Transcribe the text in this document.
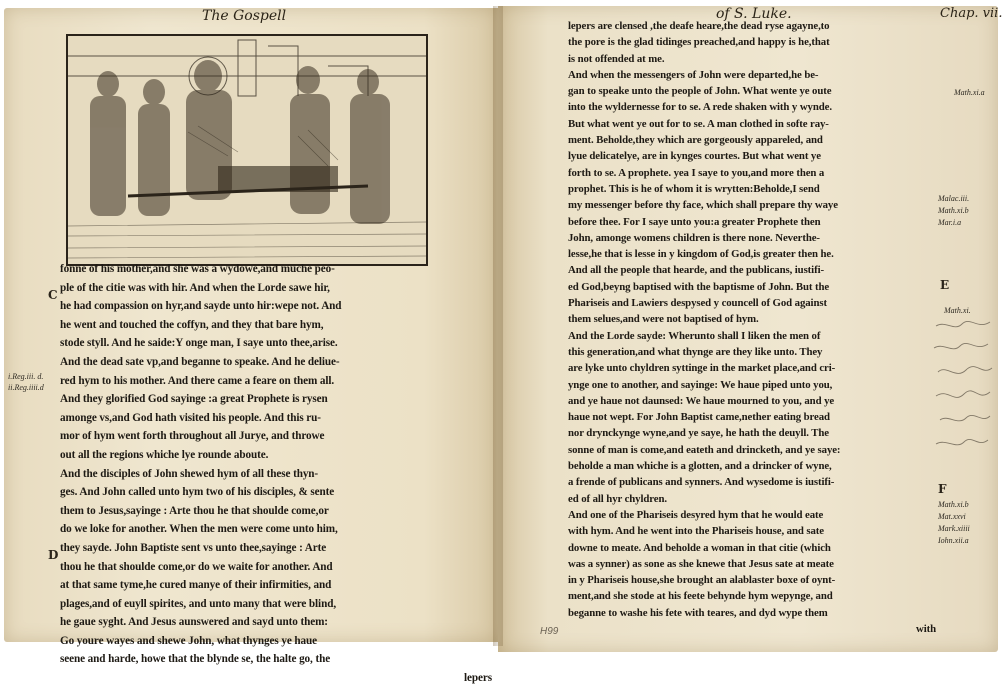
The Gospell
fonne of his mother,and she was a wydowe,and muche peo-
ple of the citie was with hir. And when the Lorde sawe hir,
he had compassion on hyr,and sayde unto hir:wepe not. And
he went and touched the coffyn, and they that bare hym,
stode styll. And he saide:Y onge man, I saye unto thee,arise.
And the dead sate vp,and beganne to speake. And he deliue-
red hym to his mother. And there came a feare on them all.
And they glorified God sayinge :a great Prophete is rysen
amonge vs,and God hath visited his people. And this ru-
mor of hym went forth throughout all Jurye, and throwe
out all the regions whiche lye rounde aboute.
And the disciples of John shewed hym of all these thyn-
ges. And John called unto hym two of his disciples, & sente
them to Jesus,sayinge : Arte thou he that shoulde come,or
do we loke for another. When the men were come unto him,
they sayde. John Baptiste sent vs unto thee,sayinge : Arte
thou he that shoulde come,or do we waite for another. And
at that same tyme,he cured manye of their infirmities, and
plages,and of euyll spirites, and unto many that were blind,
he gaue syght. And Jesus aunswered and sayd unto them:
Go youre wayes and shewe John, what thynges ye haue
seene and harde, howe that the blynde se, the halte go, the
lepers
C
D
i.Reg.iii. d.
ii.Reg.iiii.d
of S. Luke.	Chap. vii.
lepers are clensed ,the deafe heare,the dead ryse agayne,to
the pore is the glad tidinges preached,and happy is he,that
is not offended at me.
And when the messengers of John were departed,he be-
gan to speake unto the people of John. What wente ye oute
into the wyldernesse for to se. A rede shaken with y wynde.
But what went ye out for to se. A man clothed in softe ray-
ment. Beholde,they which are gorgeously appareled, and
lyue delicatelye, are in kynges courtes. But what went ye
forth to se. A prophete. yea I saye to you,and more then a
prophet. This is he of whom it is wrytten:Beholde,I send
my messenger before thy face, which shall prepare thy waye
before thee. For I saye unto you:a greater Prophete then
John, amonge womens children is there none. Neverthe-
lesse,he that is lesse in y kingdom of God,is greater then he.
And all the people that hearde, and the publicans, iustifi-
ed God,beyng baptised with the baptisme of John. But the
Phariseis and Lawiers despysed y councell of God against
them selues,and were not baptised of hym.
And the Lorde sayde: Wherunto shall I liken the men of
this generation,and what thynge are they like unto. They
are lyke unto chyldren syttinge in the market place,and cri-
ynge one to another, and sayinge: We haue piped unto you,
and ye haue not daunsed: We haue mourned to you, and ye
haue not wept. For John Baptist came,nether eating bread
nor drynckynge wyne,and ye saye, he hath the deuyll. The
sonne of man is come,and eateth and drincketh, and ye saye:
beholde a man whiche is a glotten, and a drincker of wyne,
a frende of publicans and synners. And wysedome is iustifi-
ed of all hyr chyldren.
And one of the Phariseis desyred hym that he would eate
with hym. And he went into the Phariseis house, and sate
downe to meate. And beholde a woman in that citie (which
was a synner) as sone as she knewe that Jesus sate at meate
in y Phariseis house,she brought an alablaster boxe of oynt-
ment,and she stode at his feete behynde hym wepynge, and
beganne to washe his fete with teares, and dyd wype them
with
E
F
Math.xi.a
Malac.iii.
Math.xi.b
Mar.i.a
Math.xi.
Math.xi.b
Mat.xxvi
Mark.xiiii
Iohn.xii.a
H99
